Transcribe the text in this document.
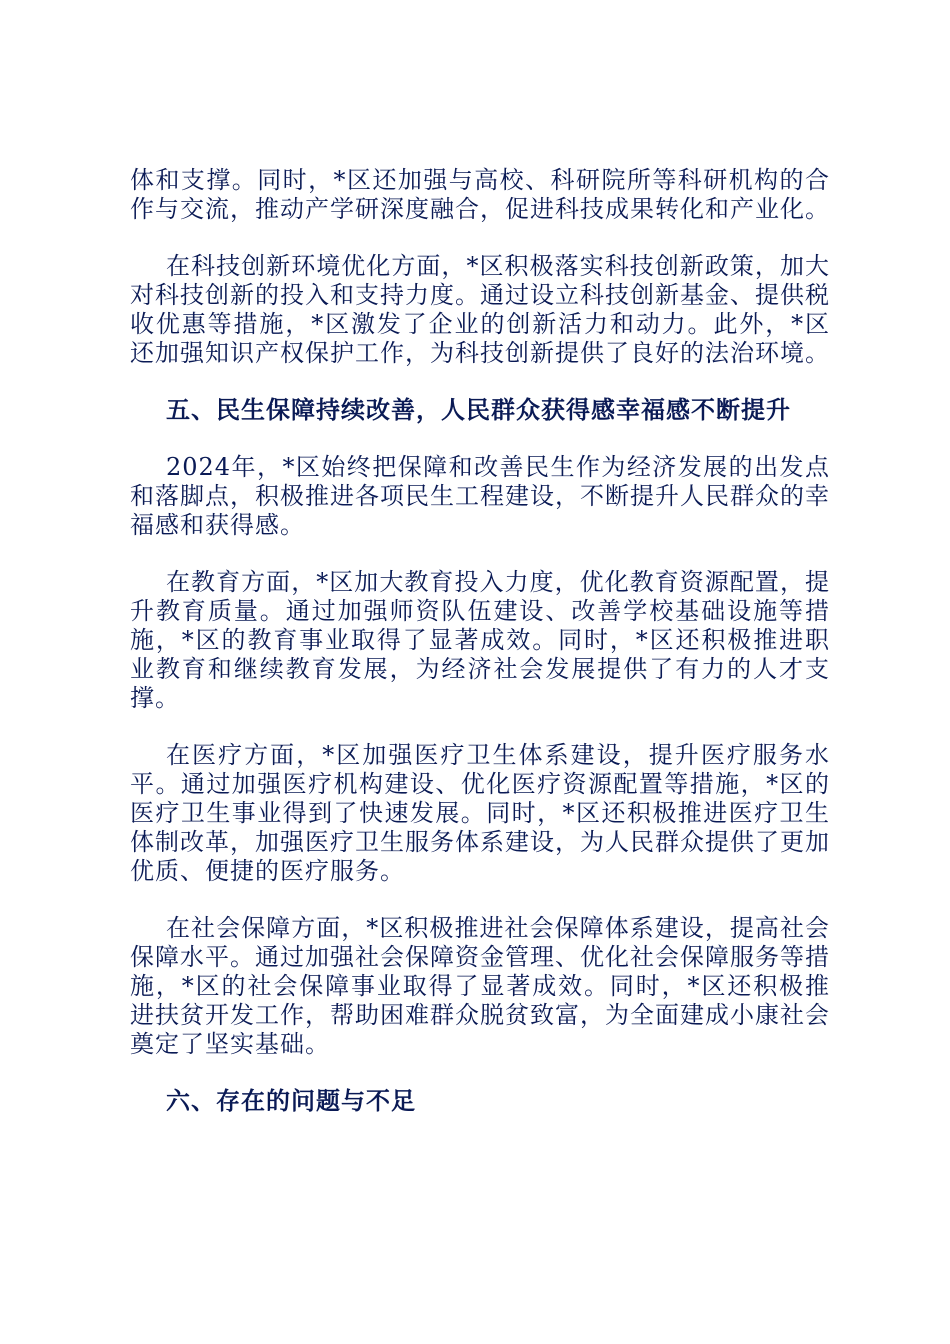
体和支撑。同时，*区还加强与高校、科研院所等科研机构的合作与交流，推动产学研深度融合，促进科技成果转化和产业化。

在科技创新环境优化方面，*区积极落实科技创新政策，加大对科技创新的投入和支持力度。通过设立科技创新基金、提供税收优惠等措施，*区激发了企业的创新活力和动力。此外，*区还加强知识产权保护工作，为科技创新提供了良好的法治环境。

五、民生保障持续改善，人民群众获得感幸福感不断提升

2024年，*区始终把保障和改善民生作为经济发展的出发点和落脚点，积极推进各项民生工程建设，不断提升人民群众的幸福感和获得感。

在教育方面，*区加大教育投入力度，优化教育资源配置，提升教育质量。通过加强师资队伍建设、改善学校基础设施等措施，*区的教育事业取得了显著成效。同时，*区还积极推进职业教育和继续教育发展，为经济社会发展提供了有力的人才支撑。

在医疗方面，*区加强医疗卫生体系建设，提升医疗服务水平。通过加强医疗机构建设、优化医疗资源配置等措施，*区的医疗卫生事业得到了快速发展。同时，*区还积极推进医疗卫生体制改革，加强医疗卫生服务体系建设，为人民群众提供了更加优质、便捷的医疗服务。

在社会保障方面，*区积极推进社会保障体系建设，提高社会保障水平。通过加强社会保障资金管理、优化社会保障服务等措施，*区的社会保障事业取得了显著成效。同时，*区还积极推进扶贫开发工作，帮助困难群众脱贫致富，为全面建成小康社会奠定了坚实基础。

六、存在的问题与不足
